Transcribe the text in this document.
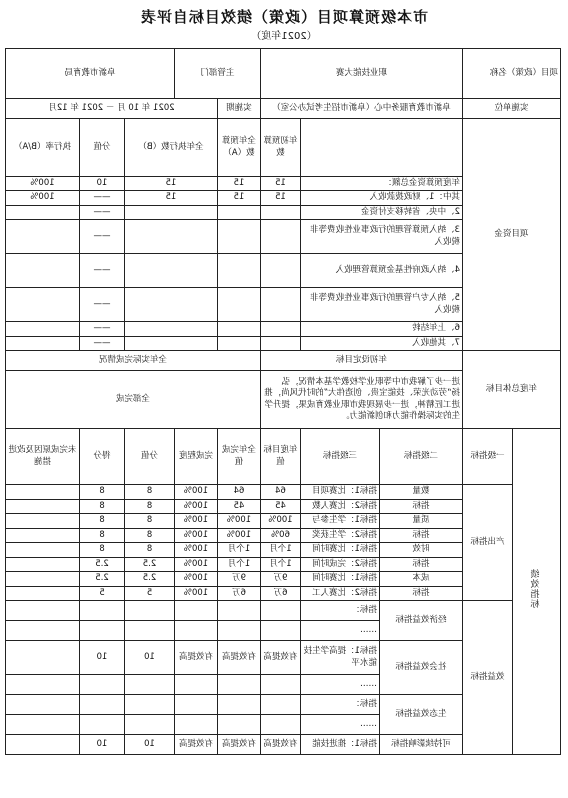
市本级预算项目（政策）绩效目标自评表
（2021年度）
项目（政策）名称		职业技能大赛			主管部门		阜新市教育局		
实施单位		阜新市教育服务中心（阜新市招生考试办公室）			实施期	2021 年 10 月 － 2021 年 12月			
项目资金				年初预算数	全年预算数（A）	全年执行数（B）		分值	执行率（B/A）
		年度预算资金总额：		15	15	15		10	100%
		其中：1、财政拨款收入		15	15	15		——	100%
		2、中央、省转移支付资金						——	
		3、纳入预算管理的行政事业性收费等非税收入						——	
		4、纳入政府性基金预算管理收入						——	
		5、纳入专户管理的行政事业性收费等非税收入						——	
		6、上年结转						——	
		7、其他收入						——	
年度总体目标		年初设定目标			全年实际完成情况				
		进一步了解我市中等职业学校教学基本情况，弘扬“劳动光荣、技能宝贵、创造伟大”的时代风尚，推进工匠精神，进一步展现我市职业教育成果，提升学生的实际操作能力和创新能力。			全部完成				
绩效指标	一级指标	二级指标	三级指标	年度目标值	全年完成值	完成程度	分值	得分	未完成原因及改进措施
	产出指标	数量	指标1：比赛项目	64	64	100%	8	8	
		指标	指标2：比赛人数	45	45	100%	8	8	
		质量	指标1：学生参与	100%	100%	100%	8	8	
		指标	指标2：学生获奖	60%	100%	100%	8	8	
		时效	指标1：比赛时间	1个月	1个月	100%	8	8	
		指标	指标2：完成时间	1个月	1个月	100%	2.5	2.5	
		成本	指标1：比赛时间	9万	9万	100%	2.5	2.5	
		指标	指标2：比赛人工	6万	6万	100%	5	5	
	效益指标	经济效益指标	指标：						
			……						
		社会效益指标	指标1：提高学生技能水平	有效提高	有效提高	有效提高	10	10	
			……						
		生态效益指标	指标：						
			……						
		可持续影响指标	指标1：推进技能	有效提高	有效提高	有效提高	10	10	
